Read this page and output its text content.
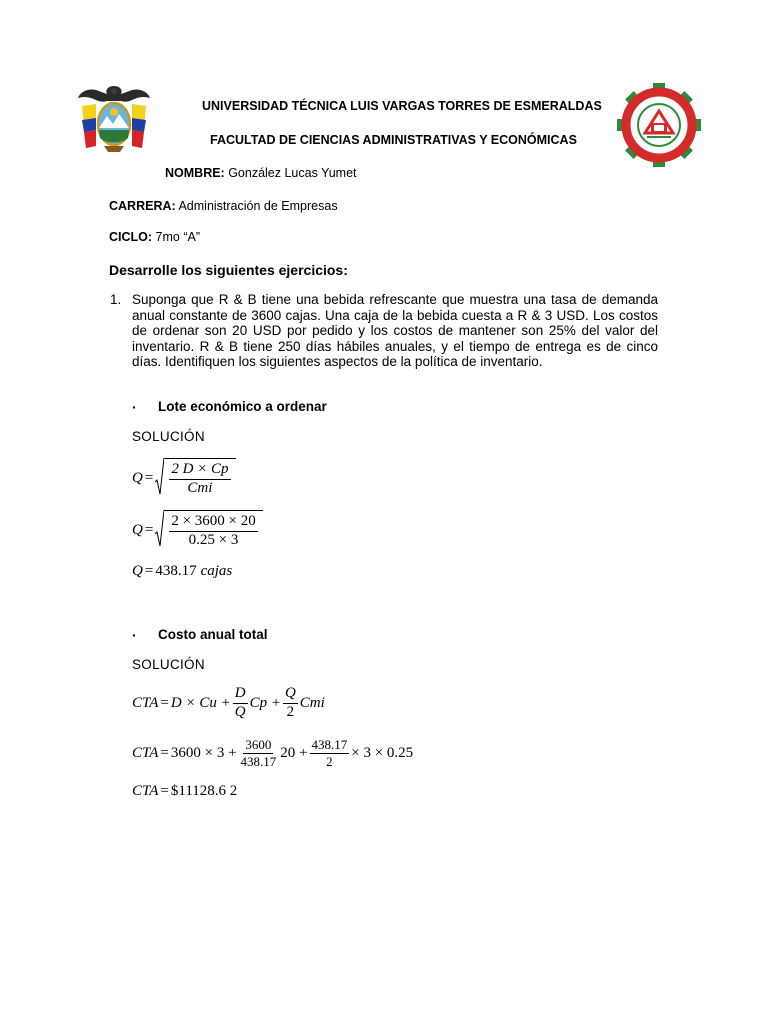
UNIVERSIDAD TÉCNICA LUIS VARGAS TORRES DE ESMERALDAS
FACULTAD DE CIENCIAS ADMINISTRATIVAS Y ECONÓMICAS
NOMBRE: González Lucas Yumet
CARRERA: Administración de Empresas
CICLO: 7mo “A”
Desarrolle los siguientes ejercicios:
1. Suponga que R & B tiene una bebida refrescante que muestra una tasa de demanda anual constante de 3600 cajas. Una caja de la bebida cuesta a R & 3 USD. Los costos de ordenar son 20 USD por pedido y los costos de mantener son 25% del valor del inventario. R & B tiene 250 días hábiles anuales, y el tiempo de entrega es de cinco días. Identifiquen los siguientes aspectos de la política de inventario.
· Lote económico a ordenar
SOLUCIÓN
$Q = \frac{2 D \times Cp}{\text{Cmi}}$
$Q = \frac{2 \times 3600 \times 20}{0.25 \times 3}$
Q = 438.17 cajas
· Costo anual total
SOLUCIÓN
CTA = $D \times Cu + \frac{D}{Q}$ $Cp + \frac{Q}{2}$ Cmi
CTA = $3600 \times 3 + \frac{3600}{438.17} 20 + \frac{438.17}{2} \times 3 \times 0.25$
CTA = $11128.6 2
